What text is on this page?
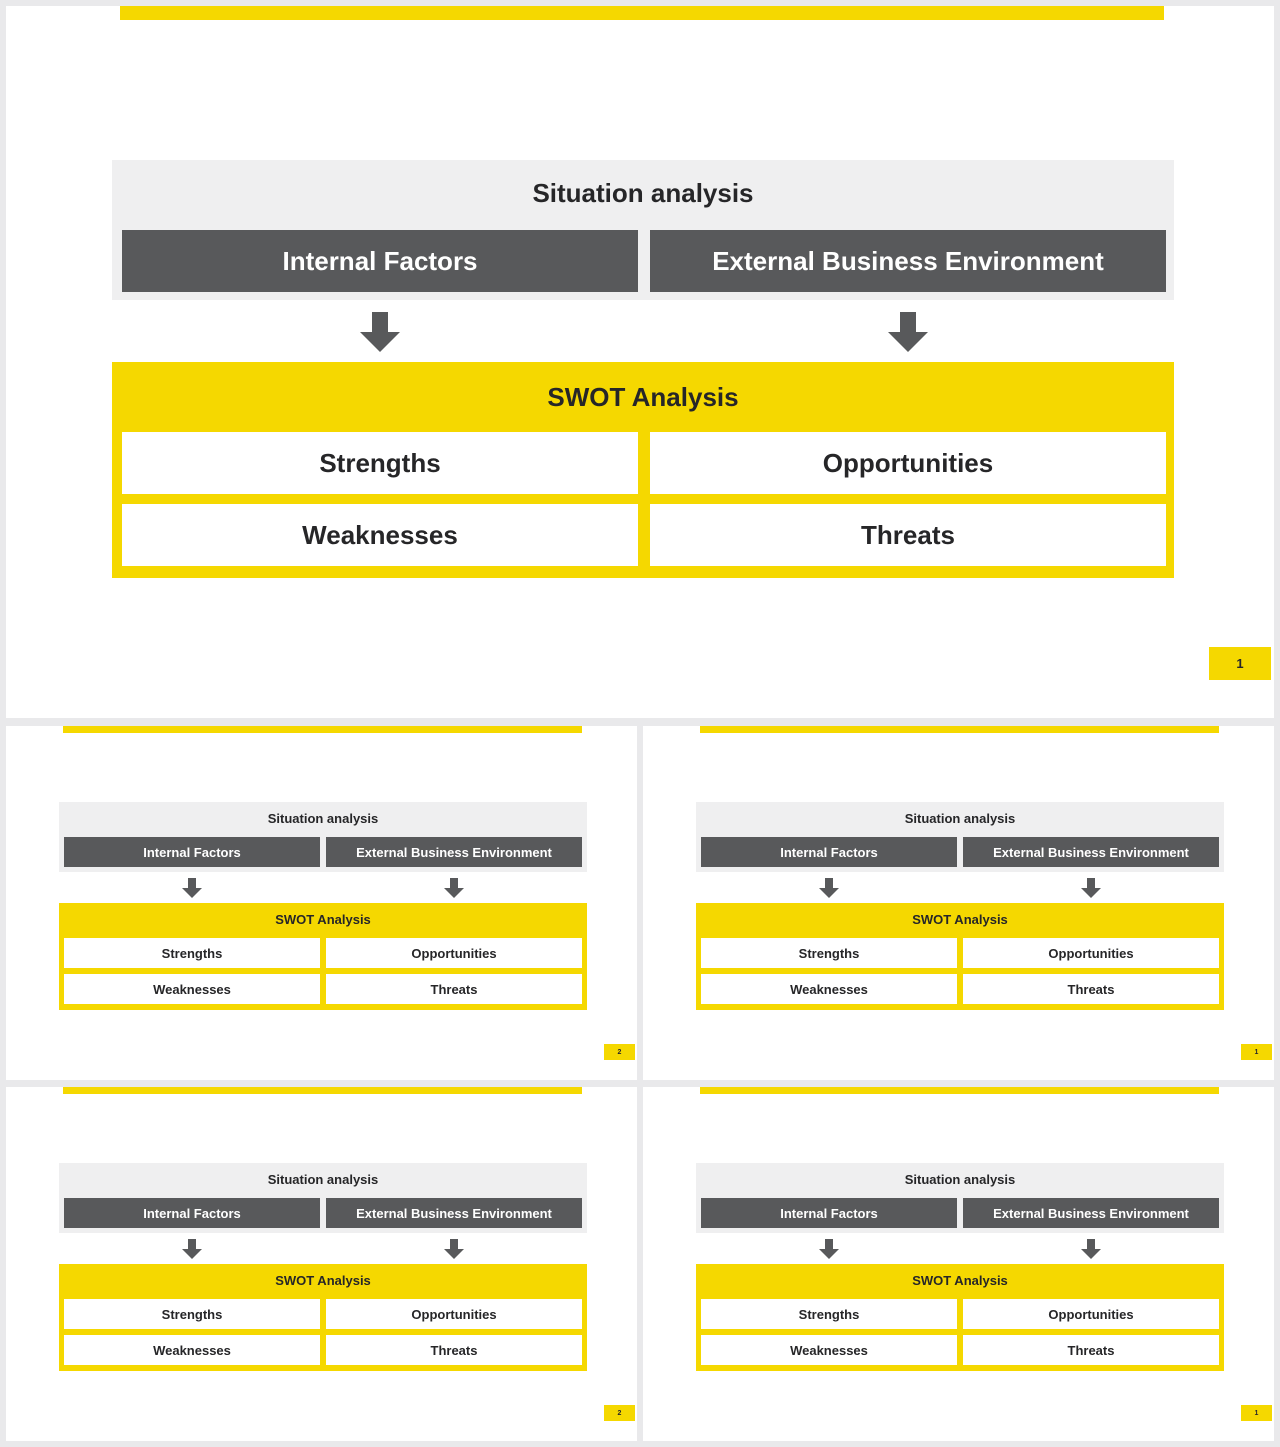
Situation analysis
Internal Factors	External Business Environment
SWOT Analysis
Strengths	Opportunities
Weaknesses	Threats
1
Situation analysis
Internal Factors	External Business Environment
SWOT Analysis
Strengths	Opportunities
Weaknesses	Threats
2
Situation analysis
Internal Factors	External Business Environment
SWOT Analysis
Strengths	Opportunities
Weaknesses	Threats
1
Situation analysis
Internal Factors	External Business Environment
SWOT Analysis
Strengths	Opportunities
Weaknesses	Threats
2
Situation analysis
Internal Factors	External Business Environment
SWOT Analysis
Strengths	Opportunities
Weaknesses	Threats
1
